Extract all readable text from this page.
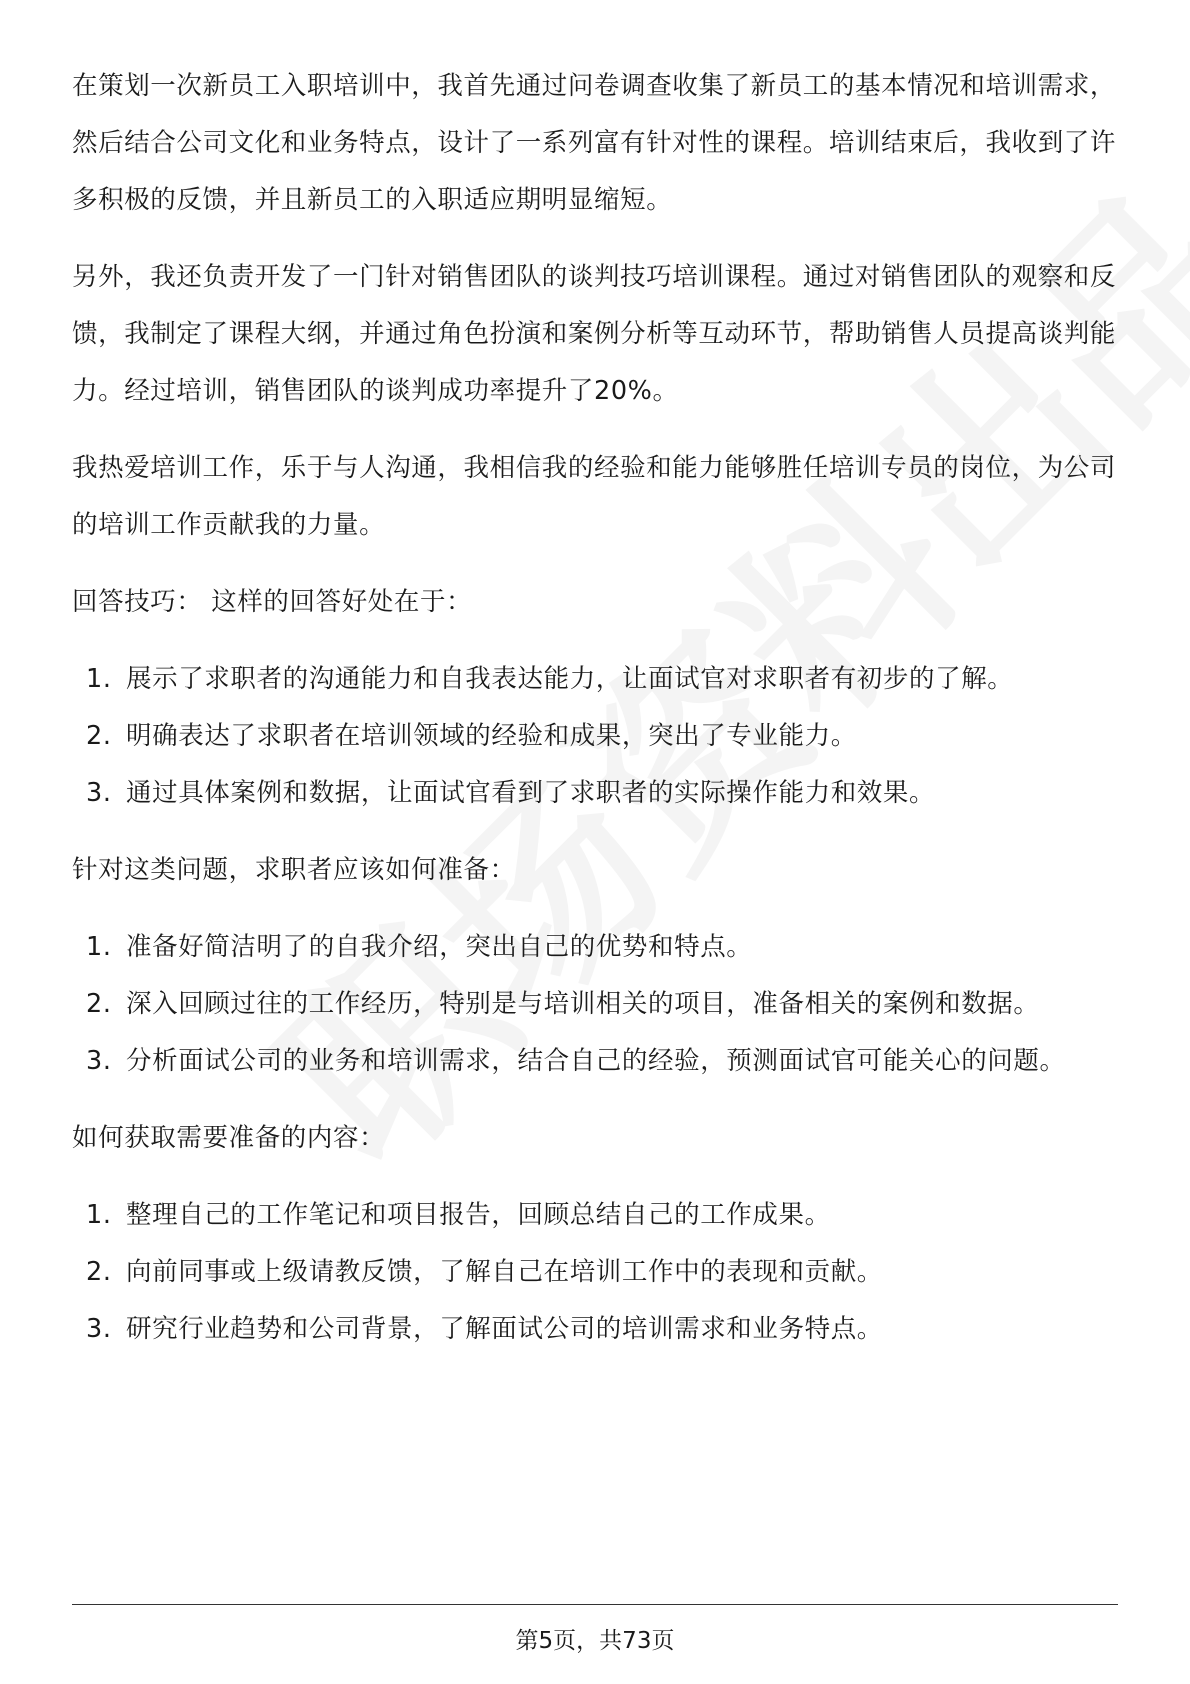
在策划一次新员工入职培训中，我首先通过问卷调查收集了新员工的基本情况和培训需求，然后结合公司文化和业务特点，设计了一系列富有针对性的课程。培训结束后，我收到了许多积极的反馈，并且新员工的入职适应期明显缩短。

另外，我还负责开发了一门针对销售团队的谈判技巧培训课程。通过对销售团队的观察和反馈，我制定了课程大纲，并通过角色扮演和案例分析等互动环节，帮助销售人员提高谈判能力。经过培训，销售团队的谈判成功率提升了20%。

我热爱培训工作，乐于与人沟通，我相信我的经验和能力能够胜任培训专员的岗位，为公司的培训工作贡献我的力量。

回答技巧： 这样的回答好处在于：

1. 展示了求职者的沟通能力和自我表达能力，让面试官对求职者有初步的了解。
2. 明确表达了求职者在培训领域的经验和成果，突出了专业能力。
3. 通过具体案例和数据，让面试官看到了求职者的实际操作能力和效果。

针对这类问题，求职者应该如何准备：

1. 准备好简洁明了的自我介绍，突出自己的优势和特点。
2. 深入回顾过往的工作经历，特别是与培训相关的项目，准备相关的案例和数据。
3. 分析面试公司的业务和培训需求，结合自己的经验，预测面试官可能关心的问题。

如何获取需要准备的内容：

1. 整理自己的工作笔记和项目报告，回顾总结自己的工作成果。
2. 向前同事或上级请教反馈，了解自己在培训工作中的表现和贡献。
3. 研究行业趋势和公司背景，了解面试公司的培训需求和业务特点。
第5页，共73页
